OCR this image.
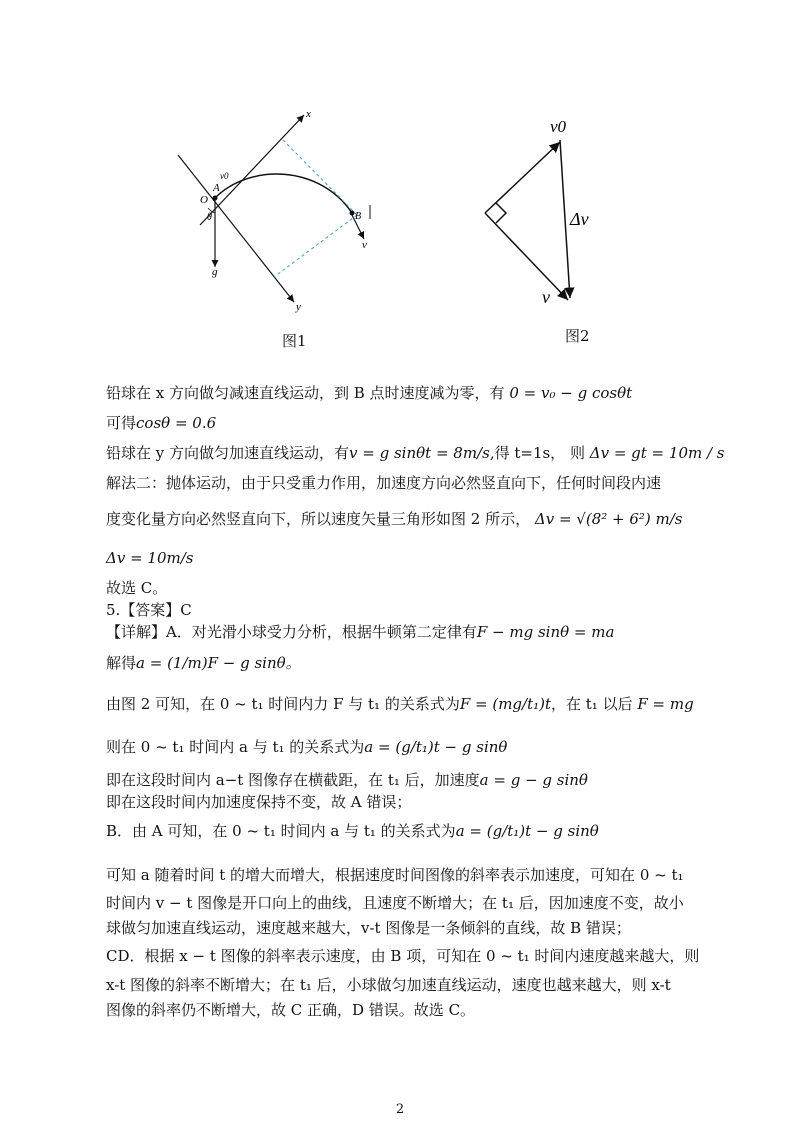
x
y
O
A
B
v0
θ
g
v
图1
v0
Δv
v
图2
铅球在 x 方向做匀减速直线运动，到 B 点时速度减为零，有 0 = v₀ − g cosθt
可得cosθ = 0.6
铅球在 y 方向做匀加速直线运动，有v = g sinθt = 8m/s,得 t=1s， 则 Δv = gt = 10m / s
解法二：抛体运动，由于只受重力作用，加速度方向必然竖直向下，任何时间段内速
度变化量方向必然竖直向下，所以速度矢量三角形如图 2 所示， Δv = √(8² + 6²) m/s
Δv = 10m/s
故选 C。
5.【答案】C
【详解】A．对光滑小球受力分析，根据牛顿第二定律有F − mg sinθ = ma
解得a = (1/m)F − g sinθ。
由图 2 可知，在 0 ~ t₁ 时间内力 F 与 t₁ 的关系式为F = (mg/t₁)t，在 t₁ 以后 F = mg
则在 0 ~ t₁ 时间内 a 与 t₁ 的关系式为a = (g/t₁)t − g sinθ
即在这段时间内 a−t 图像存在横截距，在 t₁ 后，加速度a = g − g sinθ
即在这段时间内加速度保持不变，故 A 错误；
B．由 A 可知，在 0 ~ t₁ 时间内 a 与 t₁ 的关系式为a = (g/t₁)t − g sinθ
可知 a 随着时间 t 的增大而增大，根据速度时间图像的斜率表示加速度，可知在 0 ~ t₁
时间内 v − t 图像是开口向上的曲线，且速度不断增大；在 t₁ 后，因加速度不变，故小
球做匀加速直线运动，速度越来越大，v-t 图像是一条倾斜的直线，故 B 错误；
CD．根据 x − t 图像的斜率表示速度，由 B 项，可知在 0 ~ t₁ 时间内速度越来越大，则
x-t 图像的斜率不断增大；在 t₁ 后，小球做匀加速直线运动，速度也越来越大，则 x-t
图像的斜率仍不断增大，故 C 正确，D 错误。故选 C。
2
